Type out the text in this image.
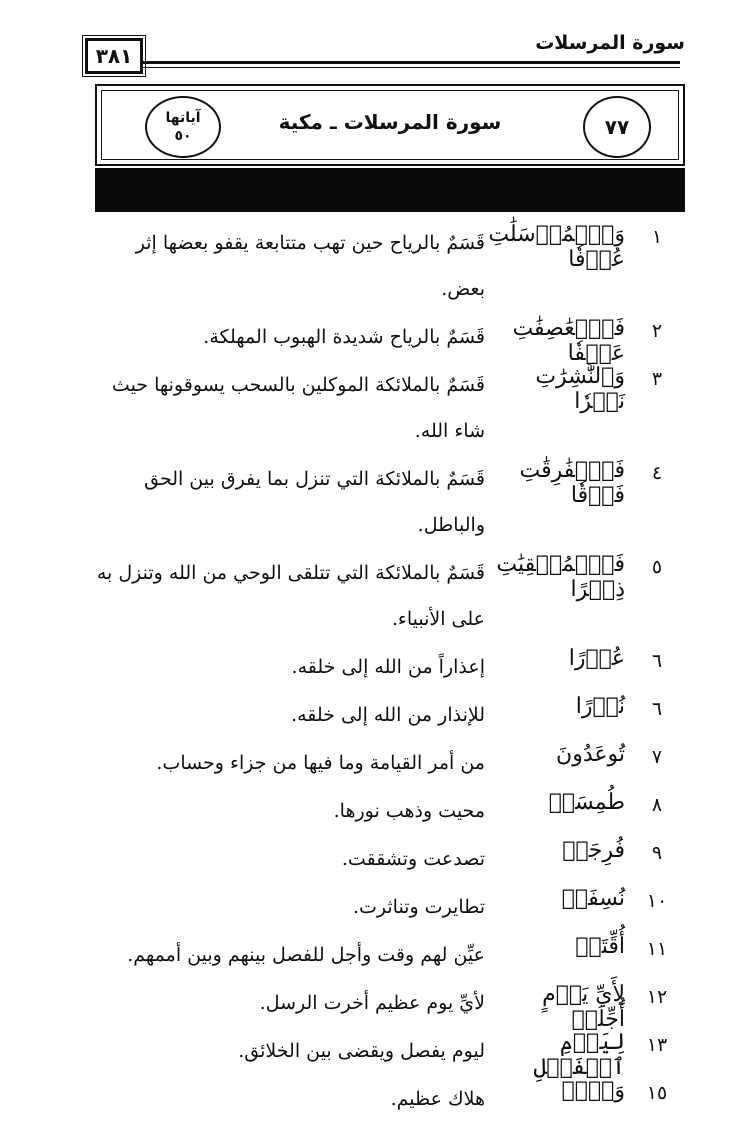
سورة المرسلات
٣٨١
٧٧
سورة المرسلات ـ مكية
آياتها
٥٠
١
وَٱلۡمُرۡسَلَٰتِ عُرۡفٗا
قَسَمٌ بالرياح حين تهب متتابعة يقفو بعضها إثر بعض.
٢
فَٱلۡعَٰصِفَٰتِ عَصۡفٗا
قَسَمٌ بالرياح شديدة الهبوب المهلكة.
٣
وَٱلنَّٰشِرَٰتِ نَشۡرٗا
قَسَمٌ بالملائكة الموكلين بالسحب يسوقونها حيث شاء الله.
٤
فَٱلۡفَٰرِقَٰتِ فَرۡقٗا
قَسَمٌ بالملائكة التي تنزل بما يفرق بين الحق والباطل.
٥
فَٱلۡمُلۡقِيَٰتِ ذِكۡرًا
قَسَمٌ بالملائكة التي تتلقى الوحي من الله وتنزل به على الأنبياء.
٦
عُذۡرًا
إعذاراً من الله إلى خلقه.
٦
نُذۡرًا
للإنذار من الله إلى خلقه.
٧
تُوعَدُونَ
من أمر القيامة وما فيها من جزاء وحساب.
٨
طُمِسَتۡ
محيت وذهب نورها.
٩
فُرِجَتۡ
تصدعت وتشققت.
١٠
نُسِفَتۡ
تطايرت وتناثرت.
١١
أُقِّتَتۡ
عيِّن لهم وقت وأجل للفصل بينهم وبين أممهم.
١٢
لِأَيِّ يَوۡمٍ أُجِّلَتۡ
لأيِّ يوم عظيم أخرت الرسل.
١٣
لِيَوۡمِ ٱلۡفَصۡلِ
ليوم يفصل ويقضى بين الخلائق.
١٥
وَيۡلٞ
هلاك عظيم.
